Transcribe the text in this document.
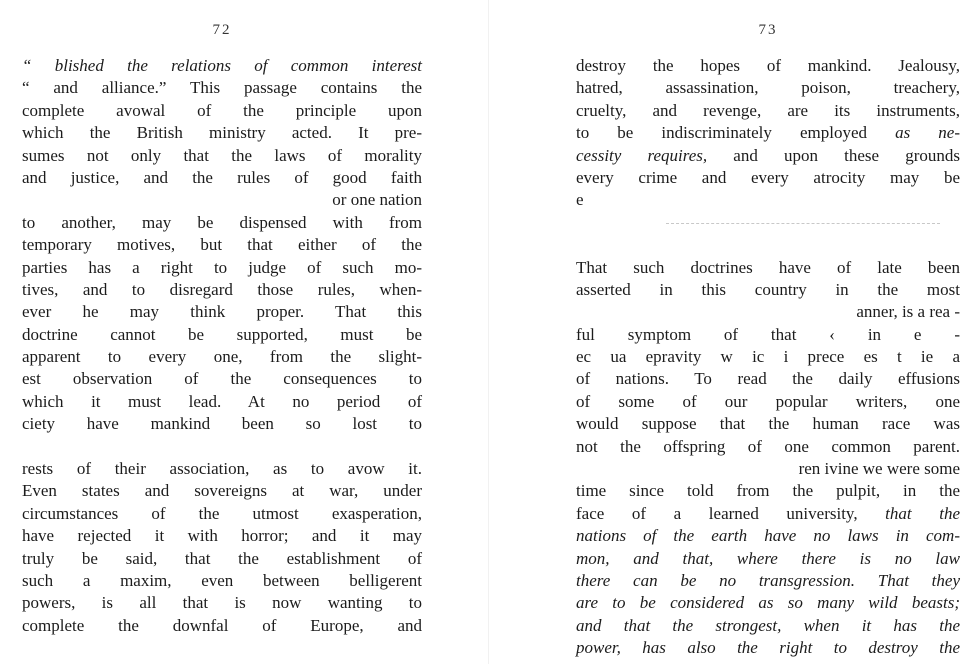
72
“ blished the relations of common interest
“ and alliance.” This passage contains the
complete avowal of the principle upon
which the British ministry acted. It pre-
sumes not only that the laws of morality
and justice, and the rules of good faith
or one nation
to another, may be dispensed with from
temporary motives, but that either of the
parties has a right to judge of such mo-
tives, and to disregard those rules, when-
ever he may think proper. That this
doctrine cannot be supported, must be
apparent to every one, from the slight-
est observation of the consequences to
which it must lead. At no period of
ciety have mankind been so lost to
rests of their association, as to avow it.
Even states and sovereigns at war, under
circumstances of the utmost exasperation,
have rejected it with horror; and it may
truly be said, that the establishment of
such a maxim, even between belligerent
powers, is all that is now wanting to
complete the downfal of Europe, and
73
destroy the hopes of mankind. Jealousy,
hatred, assassination, poison, treachery,
cruelty, and revenge, are its instruments,
to be indiscriminately employed as ne-
cessity requires, and upon these grounds
every crime and every atrocity may be
e
That such doctrines have of late been
asserted in this country in the most
anner, is a rea -
ful symptom of that ‹ in e -
ec ua epravity w ic i prece es t ie a
of nations. To read the daily effusions
of some of our popular writers, one
would suppose that the human race was
not the offspring of one common parent.
ren ivine we were some
time since told from the pulpit, in the
face of a learned university, that the
nations of the earth have no laws in com-
mon, and that, where there is no law
there can be no transgression. That they
are to be considered as so many wild beasts;
and that the strongest, when it has the
power, has also the right to destroy the
